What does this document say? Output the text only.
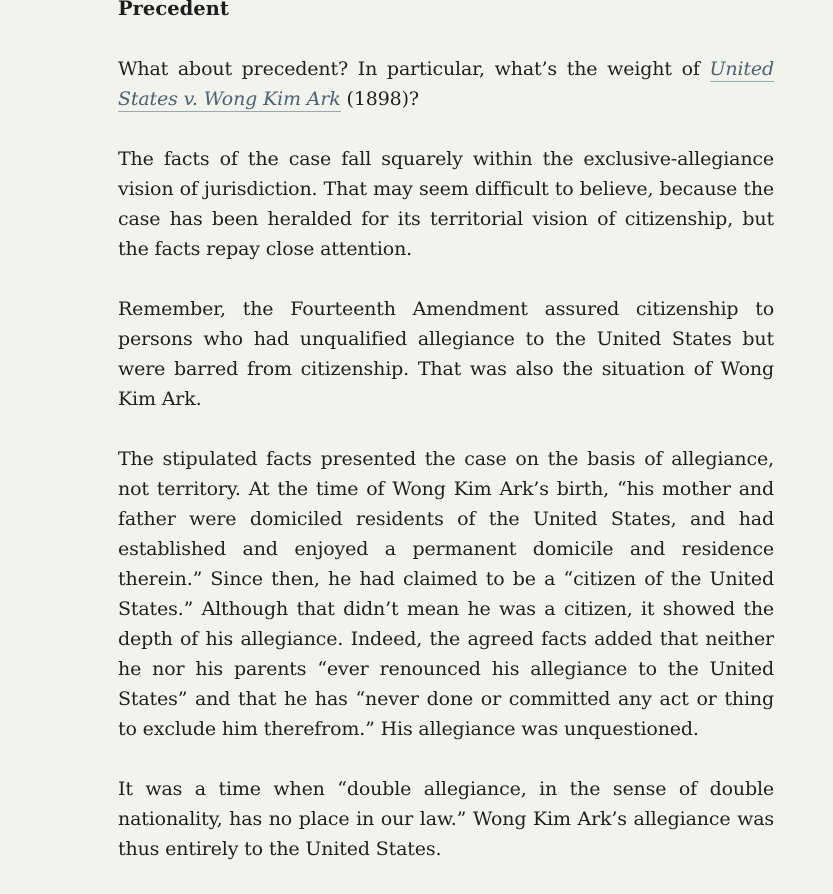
Precedent

What about precedent? In particular, what’s the weight of United States v. Wong Kim Ark (1898)?

The facts of the case fall squarely within the exclusive-allegiance vision of jurisdiction. That may seem difficult to believe, because the case has been heralded for its territorial vision of citizenship, but the facts repay close attention.

Remember, the Fourteenth Amendment assured citizenship to persons who had unqualified allegiance to the United States but were barred from citizenship. That was also the situation of Wong Kim Ark.

The stipulated facts presented the case on the basis of allegiance, not territory. At the time of Wong Kim Ark’s birth, “his mother and father were domiciled residents of the United States, and had established and enjoyed a permanent domicile and residence therein.” Since then, he had claimed to be a “citizen of the United States.” Although that didn’t mean he was a citizen, it showed the depth of his allegiance. Indeed, the agreed facts added that neither he nor his parents “ever renounced his allegiance to the United States” and that he has “never done or committed any act or thing to exclude him therefrom.” His allegiance was unquestioned.

It was a time when “double allegiance, in the sense of double nationality, has no place in our law.” Wong Kim Ark’s allegiance was thus entirely to the United States.
